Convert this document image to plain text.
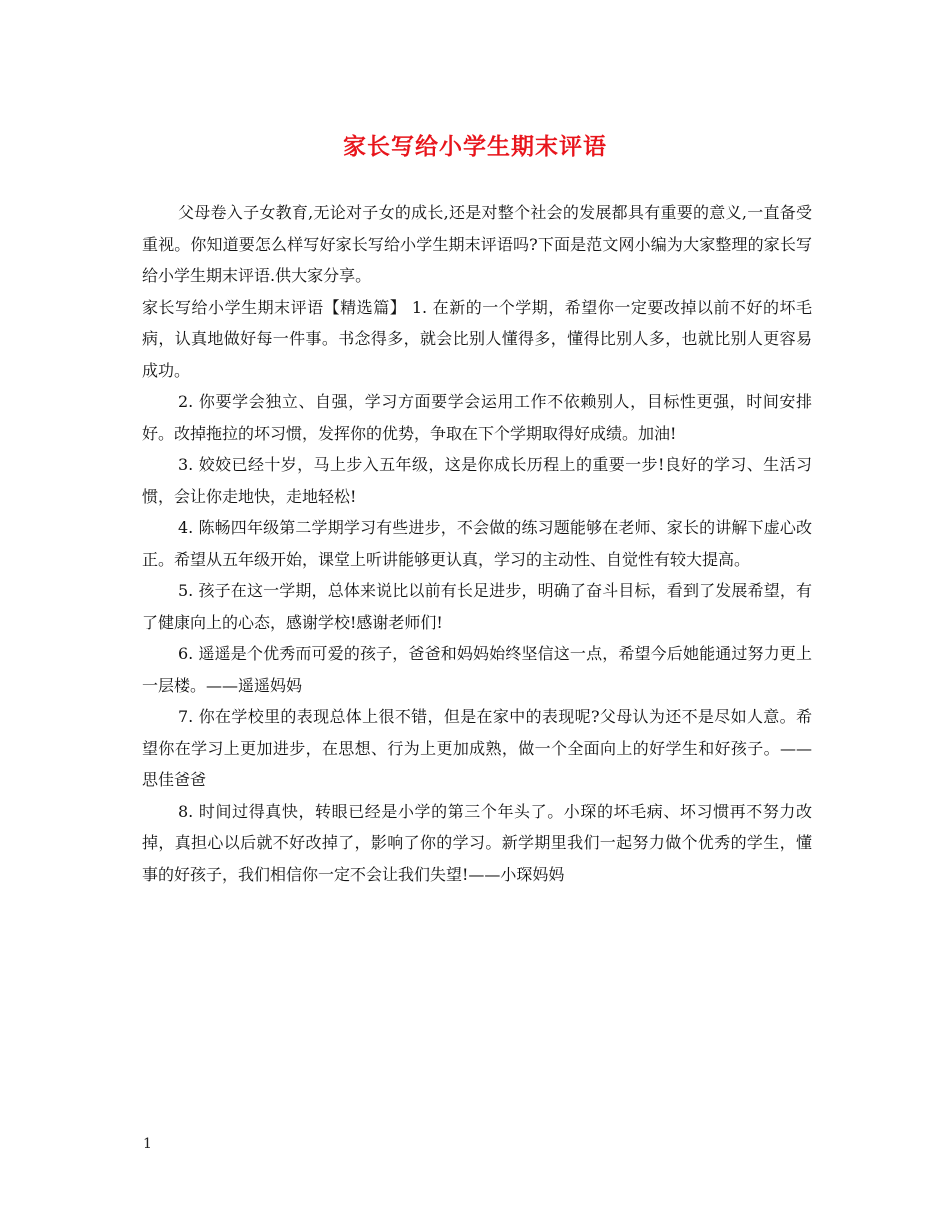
家长写给小学生期末评语

父母卷入子女教育,无论对子女的成长,还是对整个社会的发展都具有重要的意义,一直备受重视。你知道要怎么样写好家长写给小学生期末评语吗?下面是范文网小编为大家整理的家长写给小学生期末评语.供大家分享。

家长写给小学生期末评语【精选篇】 1. 在新的一个学期，希望你一定要改掉以前不好的坏毛病，认真地做好每一件事。书念得多，就会比别人懂得多，懂得比别人多，也就比别人更容易成功。

2. 你要学会独立、自强，学习方面要学会运用工作不依赖别人，目标性更强，时间安排好。改掉拖拉的坏习惯，发挥你的优势，争取在下个学期取得好成绩。加油!

3. 姣姣已经十岁，马上步入五年级，这是你成长历程上的重要一步!良好的学习、生活习惯，会让你走地快，走地轻松!

4. 陈畅四年级第二学期学习有些进步，不会做的练习题能够在老师、家长的讲解下虚心改正。希望从五年级开始，课堂上听讲能够更认真，学习的主动性、自觉性有较大提高。

5. 孩子在这一学期，总体来说比以前有长足进步，明确了奋斗目标，看到了发展希望，有了健康向上的心态，感谢学校!感谢老师们!

6. 遥遥是个优秀而可爱的孩子，爸爸和妈妈始终坚信这一点，希望今后她能通过努力更上一层楼。——遥遥妈妈

7. 你在学校里的表现总体上很不错，但是在家中的表现呢?父母认为还不是尽如人意。希望你在学习上更加进步，在思想、行为上更加成熟，做一个全面向上的好学生和好孩子。——思佳爸爸

8. 时间过得真快，转眼已经是小学的第三个年头了。小琛的坏毛病、坏习惯再不努力改掉，真担心以后就不好改掉了，影响了你的学习。新学期里我们一起努力做个优秀的学生，懂事的好孩子，我们相信你一定不会让我们失望!——小琛妈妈

1
